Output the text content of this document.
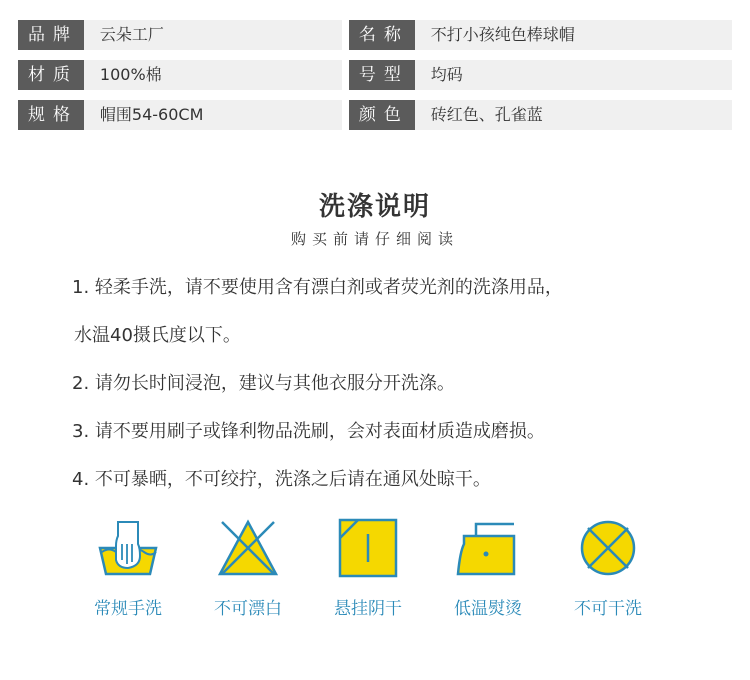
品牌	云朵工厂	名称	不打小孩纯色棒球帽
材质	100%棉	号型	均码
规格	帽围54-60CM	颜色	砖红色、孔雀蓝
洗涤说明
购买前请仔细阅读
1. 轻柔手洗，请不要使用含有漂白剂或者荧光剂的洗涤用品，
水温40摄氏度以下。
2. 请勿长时间浸泡，建议与其他衣服分开洗涤。
3. 请不要用刷子或锋利物品洗刷，会对表面材质造成磨损。
4. 不可暴晒，不可绞拧，洗涤之后请在通风处晾干。
常规手洗	不可漂白	悬挂阴干	低温熨烫	不可干洗
